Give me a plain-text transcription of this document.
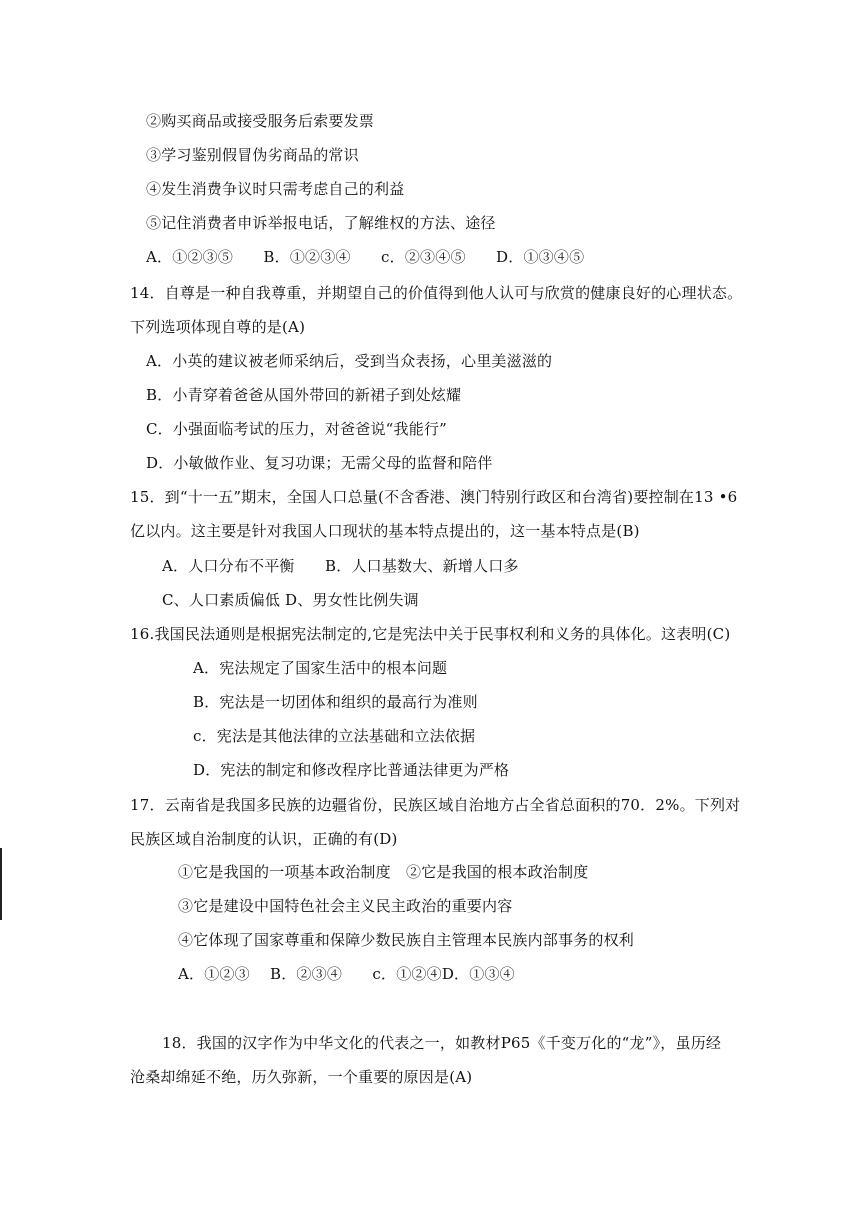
②购买商品或接受服务后索要发票
③学习鉴别假冒伪劣商品的常识
④发生消费争议时只需考虑自己的利益
⑤记住消费者申诉举报电话，了解维权的方法、途径
A．①②③⑤　　B．①②③④　　c．②③④⑤　　D．①③④⑤
14．自尊是一种自我尊重，并期望自己的价值得到他人认可与欣赏的健康良好的心理状态。
下列选项体现自尊的是(A)
A．小英的建议被老师采纳后，受到当众表扬，心里美滋滋的
B．小青穿着爸爸从国外带回的新裙子到处炫耀
C．小强面临考试的压力，对爸爸说“我能行”
D．小敏做作业、复习功课；无需父母的监督和陪伴
15．到“十一五”期末，全国人口总量(不含香港、澳门特别行政区和台湾省)要控制在13 •6
亿以内。这主要是针对我国人口现状的基本特点提出的，这一基本特点是(B)
A．人口分布不平衡　　B．人口基数大、新增人口多
C、人口素质偏低 D、男女性比例失调
16.我国民法通则是根据宪法制定的,它是宪法中关于民事权利和义务的具体化。这表明(C)
A．宪法规定了国家生活中的根本问题
B．宪法是一切团体和组织的最高行为准则
c．宪法是其他法律的立法基础和立法依据
D．宪法的制定和修改程序比普通法律更为严格
17．云南省是我国多民族的边疆省份，民族区域自治地方占全省总面积的70．2%。下列对
民族区域自治制度的认识，正确的有(D)
①它是我国的一项基本政治制度　②它是我国的根本政治制度
③它是建设中国特色社会主义民主政治的重要内容
④它体现了国家尊重和保障少数民族自主管理本民族内部事务的权利
A．①②③　 B．②③④　　c．①②④D．①③④
18．我国的汉字作为中华文化的代表之一，如教材P65《千变万化的“龙”》，虽历经
沧桑却绵延不绝，历久弥新，一个重要的原因是(A)
